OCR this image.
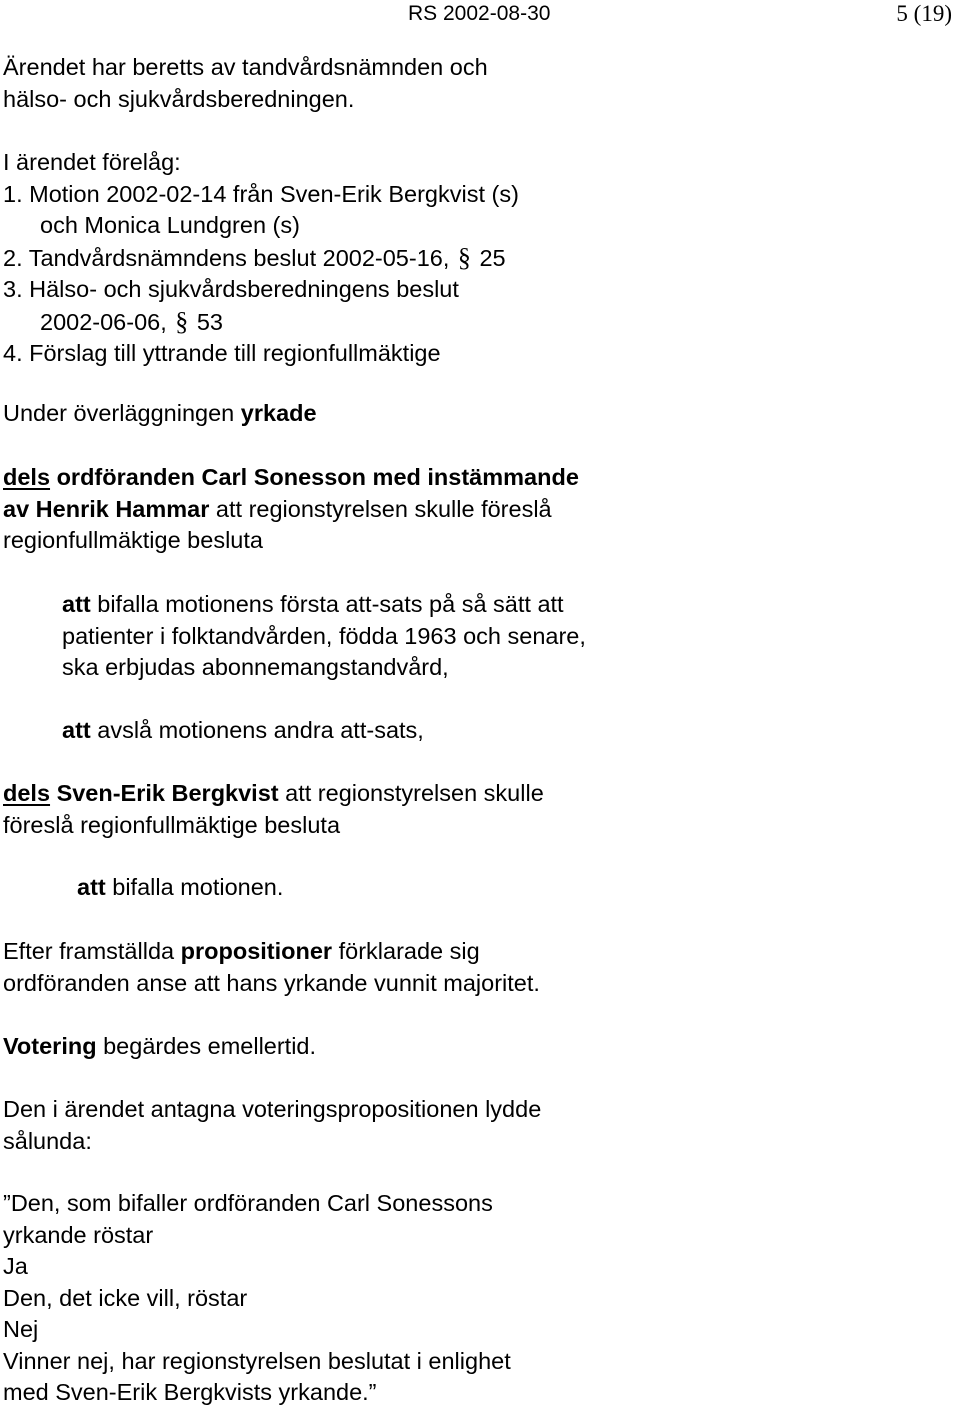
RS 2002-08-30	5 (19)
Ärendet har beretts av tandvårdsnämnden och
hälso- och sjukvårdsberedningen.
I ärendet förelåg:
1. Motion 2002-02-14 från Sven-Erik Bergkvist (s)
och Monica Lundgren (s)
2. Tandvårdsnämndens beslut 2002-05-16, § 25
3. Hälso- och sjukvårdsberedningens beslut
2002-06-06, § 53
4. Förslag till yttrande till regionfullmäktige
Under överläggningen yrkade
dels ordföranden Carl Sonesson med instämmande
av Henrik Hammar att regionstyrelsen skulle föreslå
regionfullmäktige besluta
att bifalla motionens första att-sats på så sätt att
patienter i folktandvården, födda 1963 och senare,
ska erbjudas abonnemangstandvård,
att avslå motionens andra att-sats,
dels Sven-Erik Bergkvist att regionstyrelsen skulle
föreslå regionfullmäktige besluta
att bifalla motionen.
Efter framställda propositioner förklarade sig
ordföranden anse att hans yrkande vunnit majoritet.
Votering begärdes emellertid.
Den i ärendet antagna voteringspropositionen lydde
sålunda:
”Den, som bifaller ordföranden Carl Sonessons
yrkande röstar
Ja
Den, det icke vill, röstar
Nej
Vinner nej, har regionstyrelsen beslutat i enlighet
med Sven-Erik Bergkvists yrkande.”
